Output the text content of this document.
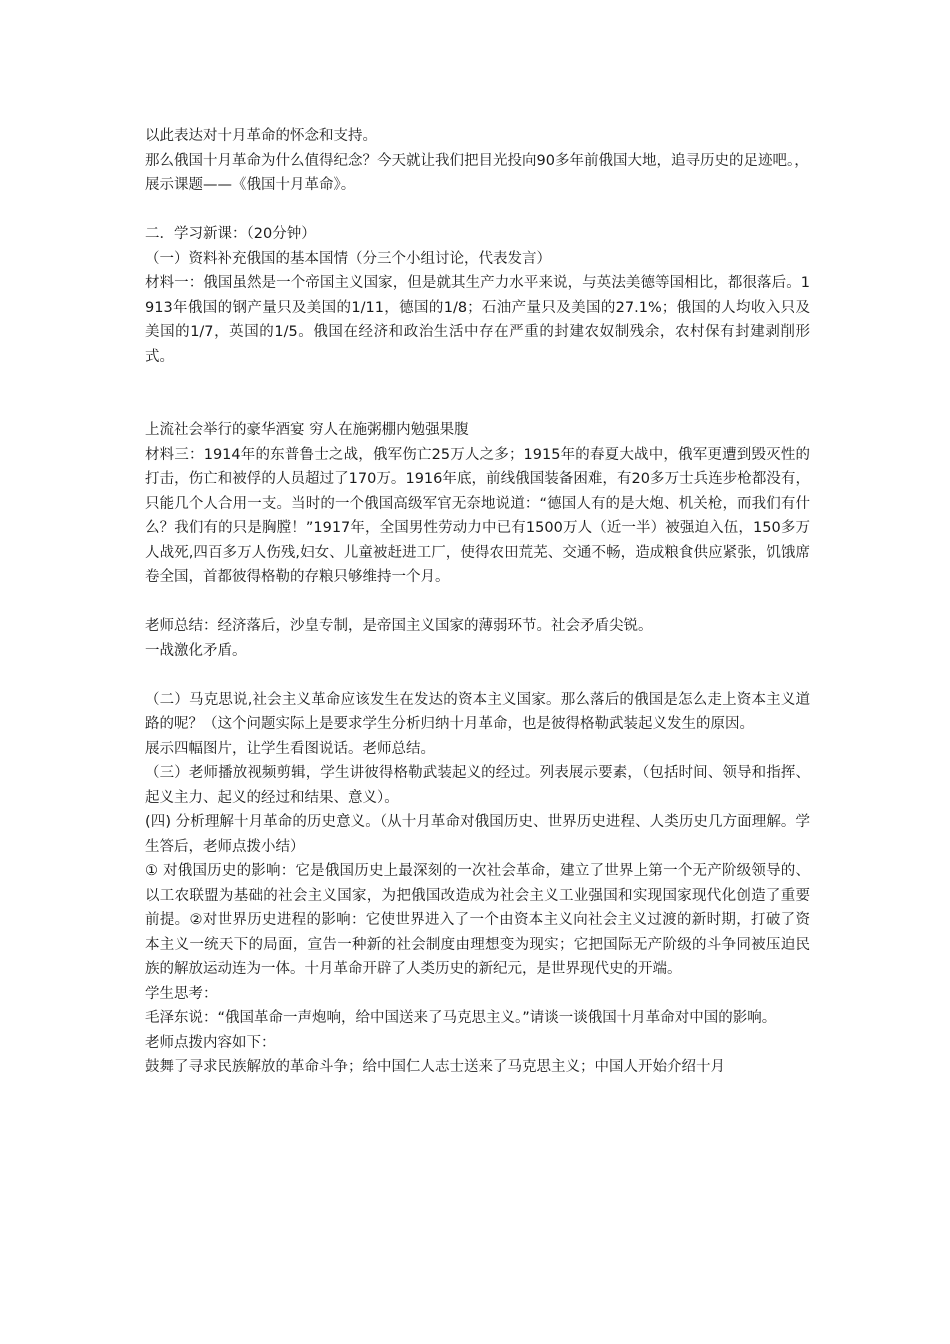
以此表达对十月革命的怀念和支持。

那么俄国十月革命为什么值得纪念？今天就让我们把目光投向90多年前俄国大地，追寻历史的足迹吧。，

展示课题——《俄国十月革命》。

二．学习新课：（20分钟）

（一）资料补充俄国的基本国情（分三个小组讨论，代表发言）

材料一：俄国虽然是一个帝国主义国家，但是就其生产力水平来说，与英法美德等国相比，都很落后。1913年俄国的钢产量只及美国的1/11，德国的1/8；石油产量只及美国的27.1%；俄国的人均收入只及美国的1/7，英国的1/5。俄国在经济和政治生活中存在严重的封建农奴制残余，农村保有封建剥削形式。

上流社会举行的豪华酒宴 穷人在施粥棚内勉强果腹

材料三：1914年的东普鲁士之战，俄军伤亡25万人之多；1915年的春夏大战中，俄军更遭到毁灭性的打击，伤亡和被俘的人员超过了170万。1916年底，前线俄国装备困难，有20多万士兵连步枪都没有，只能几个人合用一支。当时的一个俄国高级军官无奈地说道：“德国人有的是大炮、机关枪，而我们有什么？我们有的只是胸膛！”1917年，全国男性劳动力中已有1500万人（近一半）被强迫入伍，150多万人战死,四百多万人伤残,妇女、儿童被赶进工厂，使得农田荒芜、交通不畅，造成粮食供应紧张，饥饿席卷全国，首都彼得格勒的存粮只够维持一个月。

老师总结：经济落后，沙皇专制，是帝国主义国家的薄弱环节。社会矛盾尖锐。

一战激化矛盾。

（二）马克思说,社会主义革命应该发生在发达的资本主义国家。那么落后的俄国是怎么走上资本主义道路的呢？（这个问题实际上是要求学生分析归纳十月革命，也是彼得格勒武装起义发生的原因。

展示四幅图片，让学生看图说话。老师总结。

（三）老师播放视频剪辑，学生讲彼得格勒武装起义的经过。列表展示要素，（包括时间、领导和指挥、起义主力、起义的经过和结果、意义）。

(四) 分析理解十月革命的历史意义。（从十月革命对俄国历史、世界历史进程、人类历史几方面理解。学生答后，老师点拨小结）

① 对俄国历史的影响：它是俄国历史上最深刻的一次社会革命，建立了世界上第一个无产阶级领导的、以工农联盟为基础的社会主义国家，为把俄国改造成为社会主义工业强国和实现国家现代化创造了重要前提。②对世界历史进程的影响：它使世界进入了一个由资本主义向社会主义过渡的新时期，打破了资本主义一统天下的局面，宣告一种新的社会制度由理想变为现实；它把国际无产阶级的斗争同被压迫民族的解放运动连为一体。十月革命开辟了人类历史的新纪元，是世界现代史的开端。

学生思考：

毛泽东说：“俄国革命一声炮响，给中国送来了马克思主义。”请谈一谈俄国十月革命对中国的影响。

老师点拨内容如下：

鼓舞了寻求民族解放的革命斗争；给中国仁人志士送来了马克思主义；中国人开始介绍十月
